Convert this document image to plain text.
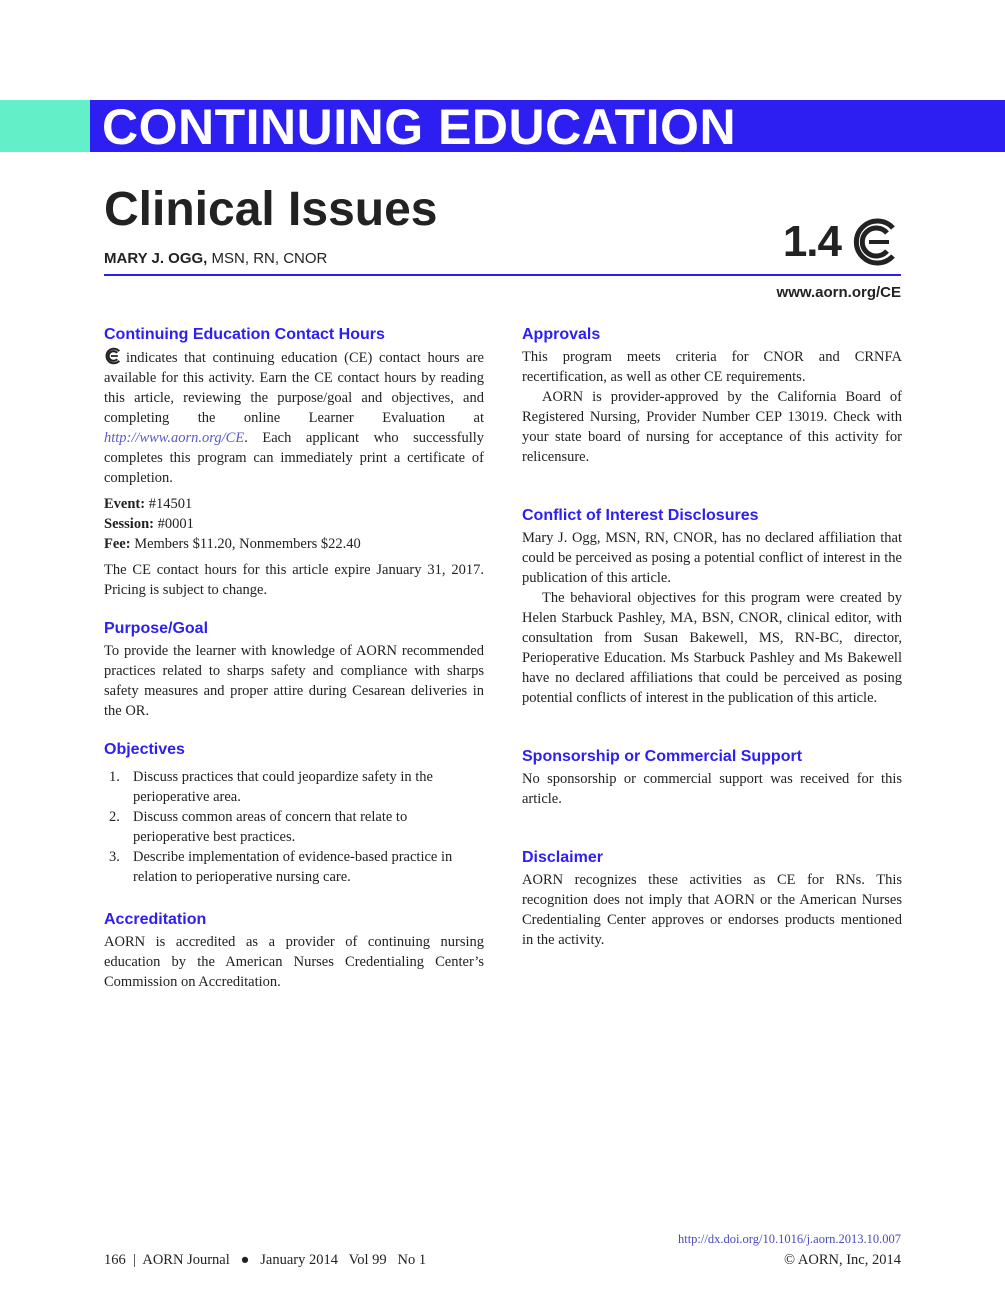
CONTINUING EDUCATION
Clinical Issues
MARY J. OGG, MSN, RN, CNOR	1.4
www.aorn.org/CE
Continuing Education Contact Hours

indicates that continuing education (CE) contact hours are available for this activity. Earn the CE contact hours by reading this article, reviewing the purpose/goal and objectives, and completing the online Learner Evaluation at http://www.aorn.org/CE. Each applicant who successfully completes this program can immediately print a certificate of completion.

Event: #14501

Session: #0001

Fee: Members $11.20, Nonmembers $22.40

The CE contact hours for this article expire January 31, 2017. Pricing is subject to change.

Purpose/Goal

To provide the learner with knowledge of AORN recommended practices related to sharps safety and compliance with sharps safety measures and proper attire during Cesarean deliveries in the OR.

Objectives
1. Discuss practices that could jeopardize safety in the perioperative area.
2. Discuss common areas of concern that relate to perioperative best practices.
3. Describe implementation of evidence-based practice in relation to perioperative nursing care.
Accreditation

AORN is accredited as a provider of continuing nursing education by the American Nurses Credentialing Center’s Commission on Accreditation.

Approvals

This program meets criteria for CNOR and CRNFA recertification, as well as other CE requirements.

AORN is provider-approved by the California Board of Registered Nursing, Provider Number CEP 13019. Check with your state board of nursing for acceptance of this activity for relicensure.

Conflict of Interest Disclosures

Mary J. Ogg, MSN, RN, CNOR, has no declared affiliation that could be perceived as posing a potential conflict of interest in the publication of this article.

The behavioral objectives for this program were created by Helen Starbuck Pashley, MA, BSN, CNOR, clinical editor, with consultation from Susan Bakewell, MS, RN-BC, director, Perioperative Education. Ms Starbuck Pashley and Ms Bakewell have no declared affiliations that could be perceived as posing potential conflicts of interest in the publication of this article.

Sponsorship or Commercial Support

No sponsorship or commercial support was received for this article.

Disclaimer

AORN recognizes these activities as CE for RNs. This recognition does not imply that AORN or the American Nurses Credentialing Center approves or endorses products mentioned in the activity.

http://dx.doi.org/10.1016/j.aorn.2013.10.007
166  |  AORN Journal   ●   January 2014   Vol 99   No 1	© AORN, Inc, 2014
